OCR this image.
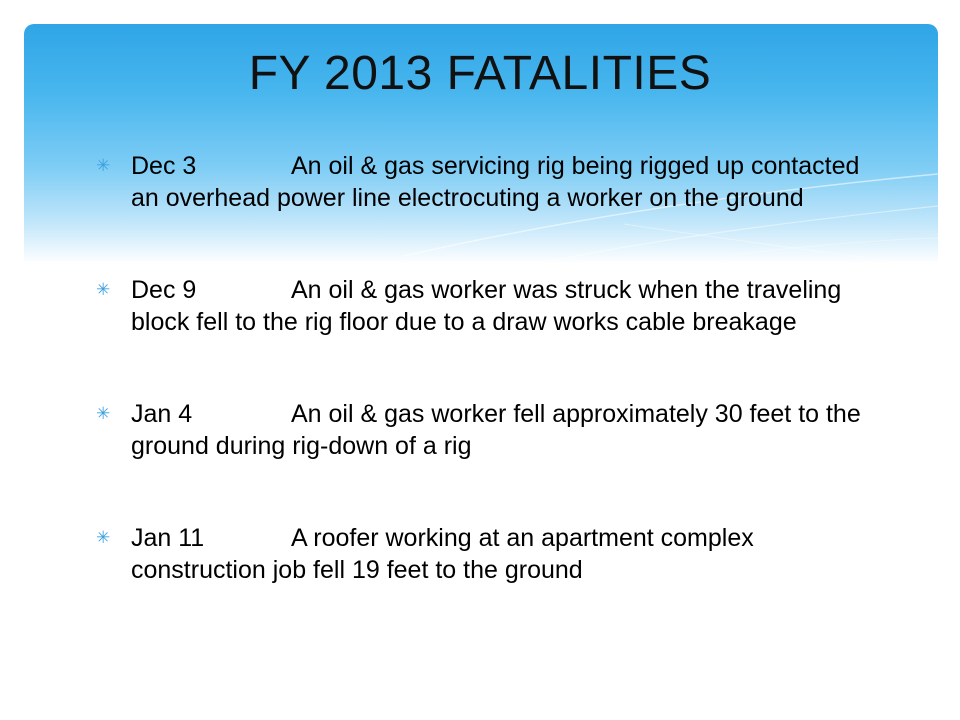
FY 2013 FATALITIES
✳ Dec 3	An oil & gas servicing rig being rigged up contacted an overhead power line electrocuting a worker on the ground
✳ Dec 9	An oil & gas worker was struck when the traveling block fell to the rig floor due to a draw works cable breakage
✳ Jan 4	An oil & gas worker fell approximately 30 feet to the ground during rig-down of a rig
✳ Jan 11	A roofer working at an apartment complex construction job fell 19 feet to the ground
